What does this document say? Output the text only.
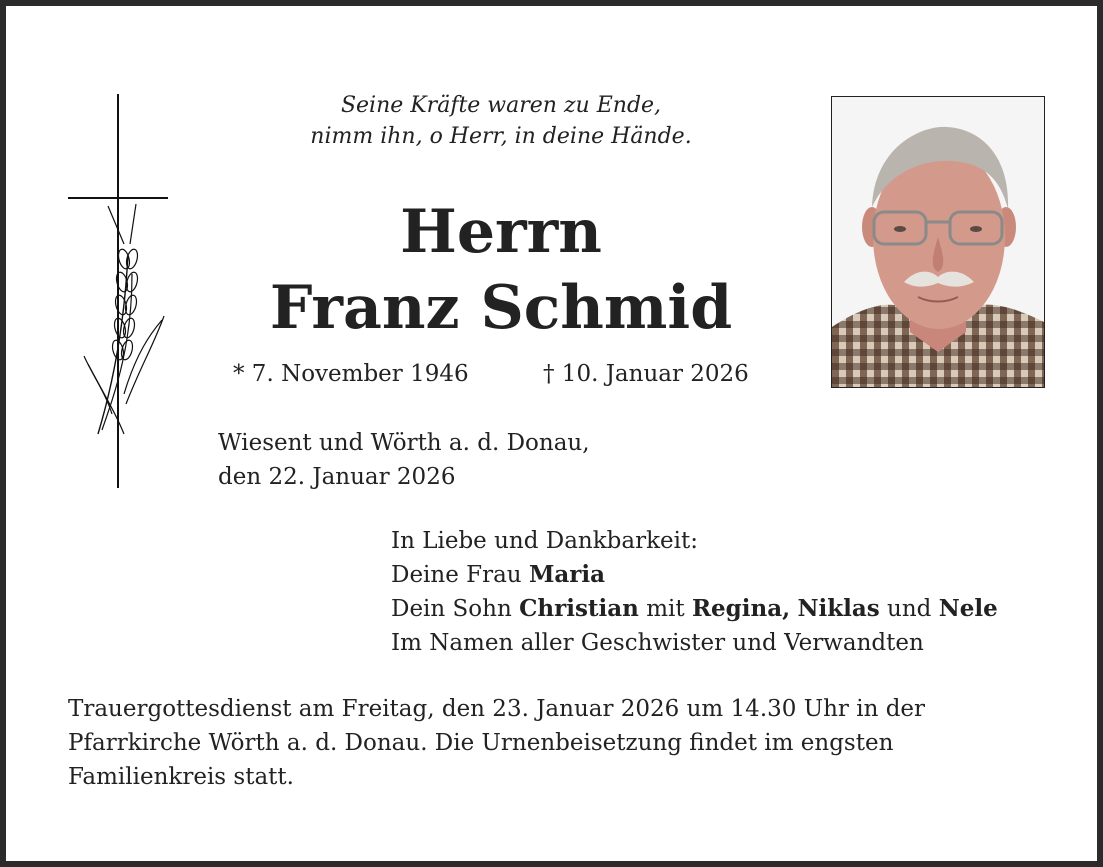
Seine Kräfte waren zu Ende,
nimm ihn, o Herr, in deine Hände.
Herrn
Franz Schmid
* 7. November 1946	† 10. Januar 2026
Wiesent und Wörth a. d. Donau,
den 22. Januar 2026
In Liebe und Dankbarkeit:
Deine Frau Maria
Dein Sohn Christian mit Regina, Niklas und Nele
Im Namen aller Geschwister und Verwandten
Trauergottesdienst am Freitag, den 23. Januar 2026 um 14.30 Uhr in der
Pfarrkirche Wörth a. d. Donau. Die Urnenbeisetzung findet im engsten
Familienkreis statt.
